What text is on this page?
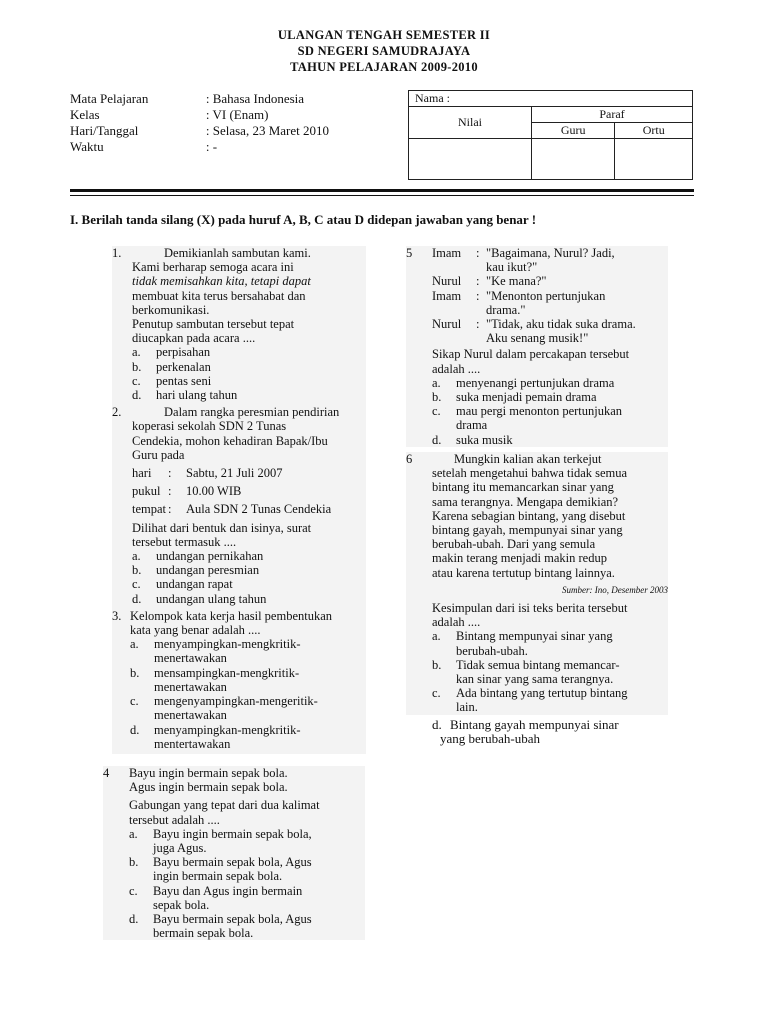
ULANGAN TENGAH SEMESTER II
SD NEGERI SAMUDRAJAYA
TAHUN PELAJARAN 2009-2010
Mata Pelajaran	: Bahasa Indonesia
Kelas	: VI (Enam)
Hari/Tanggal	: Selasa, 23 Maret 2010
Waktu	: -
Nama :		
Nilai	Paraf	
	Guru	Ortu

I. Berilah tanda silang (X) pada huruf A, B, C atau D didepan jawaban yang benar !
1.	Demikianlah sambutan kami.
Kami berharap semoga acara ini
tidak memisahkan kita, tetapi dapat
membuat kita terus bersahabat dan
berkomunikasi.
Penutup sambutan tersebut tepat
diucapkan pada acara ....
a.	perpisahan
b.	perkenalan
c.	pentas seni
d.	hari ulang tahun
2.	Dalam rangka peresmian pendirian
koperasi sekolah SDN 2 Tunas
Cendekia, mohon kehadiran Bapak/Ibu
Guru pada
hari	:	Sabtu, 21 Juli 2007
pukul :	10.00 WIB
tempat :	Aula SDN 2 Tunas Cendekia
Dilihat dari bentuk dan isinya, surat
tersebut termasuk ....
a.	undangan pernikahan
b.	undangan peresmian
c.	undangan rapat
d.	undangan ulang tahun
3. Kelompok kata kerja hasil pembentukan
kata yang benar adalah ....
a.	menyampingkan-mengkritik-
menertawakan
b.	mensampingkan-mengkritik-
menertawakan
c.	mengenyampingkan-mengeritik-
menertawakan
d.	menyampingkan-mengkritik-
mentertawakan
4	Bayu ingin bermain sepak bola.
Agus ingin bermain sepak bola.
Gabungan yang tepat dari dua kalimat
tersebut adalah ....
a.	Bayu ingin bermain sepak bola,
juga Agus.
b.	Bayu bermain sepak bola, Agus
ingin bermain sepak bola.
c.	Bayu dan Agus ingin bermain
sepak bola.
d.	Bayu bermain sepak bola, Agus
bermain sepak bola.
5	Imam	: "Bagaimana, Nurul? Jadi,
kau ikut?"
Nurul	: "Ke mana?"
Imam	: "Menonton pertunjukan
drama."
Nurul	: "Tidak, aku tidak suka drama.
Aku senang musik!"
Sikap Nurul dalam percakapan tersebut
adalah ....
a.	menyenangi pertunjukan drama
b.	suka menjadi pemain drama
c.	mau pergi menonton pertunjukan
drama
d.	suka musik
6	Mungkin kalian akan terkejut
setelah mengetahui bahwa tidak semua
bintang itu memancarkan sinar yang
sama terangnya. Mengapa demikian?
Karena sebagian bintang, yang disebut
bintang gayah, mempunyai sinar yang
berubah-ubah. Dari yang semula
makin terang menjadi makin redup
atau karena tertutup bintang lainnya.
Sumber: Ino, Desember 2003
Kesimpulan dari isi teks berita tersebut
adalah ....
a.	Bintang mempunyai sinar yang
berubah-ubah.
b.	Tidak semua bintang memancar-
kan sinar yang sama terangnya.
c.	Ada bintang yang tertutup bintang
lain.
d. Bintang gayah mempunyai sinar
yang berubah-ubah
